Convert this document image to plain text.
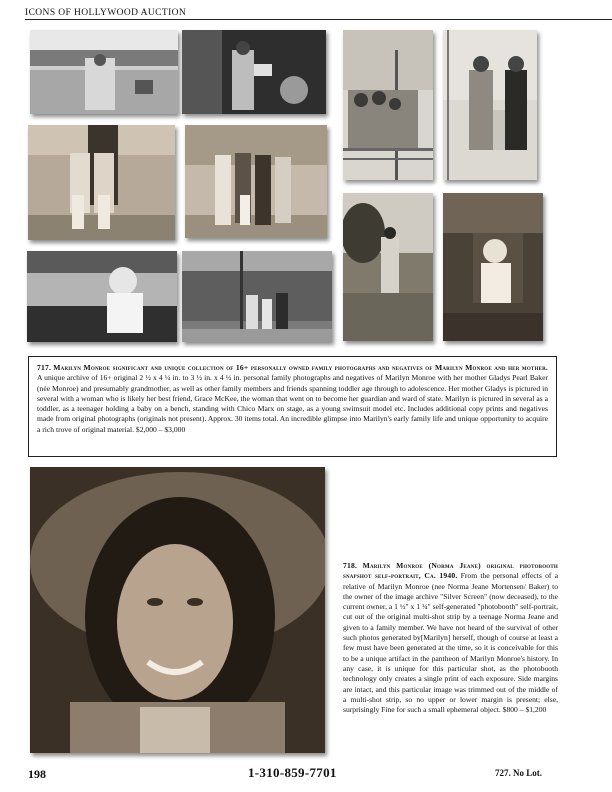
ICONS OF HOLLYWOOD AUCTION
717. Marilyn Monroe significant and unique collection of 16+ personally owned family photographs and negatives of Marilyn Monroe and her mother. A unique archive of 16+ original 2 ½ x 4 ¼ in. to 3 ½ in. x 4 ½ in. personal family photographs and negatives of Marilyn Monroe with her mother Gladys Pearl Baker (née Monroe) and presumably grandmother, as well as other family members and friends spanning toddler age through to adolescence. Her mother Gladys is pictured in several with a woman who is likely her best friend, Grace McKee, the woman that went on to become her guardian and ward of state. Marilyn is pictured in several as a toddler, as a teenager holding a baby on a bench, standing with Chico Marx on stage, as a young swimsuit model etc. Includes additional copy prints and negatives made from original photographs (originals not present). Approx. 30 items total. An incredible glimpse into Marilyn's early family life and unique opportunity to acquire a rich trove of original material. $2,000 – $3,000
718. Marilyn Monroe (Norma Jeane) original photobooth snapshot self-portrait, Ca. 1940. From the personal effects of a relative of Marilyn Monroe (nee Norma Jeane Mortensen/ Baker) to the owner of the image archive "Silver Screen" (now deceased), to the current owner, a 1 ½" x 1 ¾" self-generated "photobooth" self-portrait, cut out of the original multi-shot strip by a teenage Norma Jeane and given to a family member. We have not heard of the survival of other such photos generated by[Marilyn] herself, though of course at least a few must have been generated at the time, so it is conceivable for this to be a unique artifact in the pantheon of Marilyn Monroe's history. In any case, it is unique for this particular shot, as the photobooth technology only creates a single print of each exposure. Side margins are intact, and this particular image was trimmed out of the middle of a multi-shot strip, so no upper or lower margin is present; else, surprisingly Fine for such a small ephemeral object. $800 – $1,200
198	1-310-859-7701	727. No Lot.
